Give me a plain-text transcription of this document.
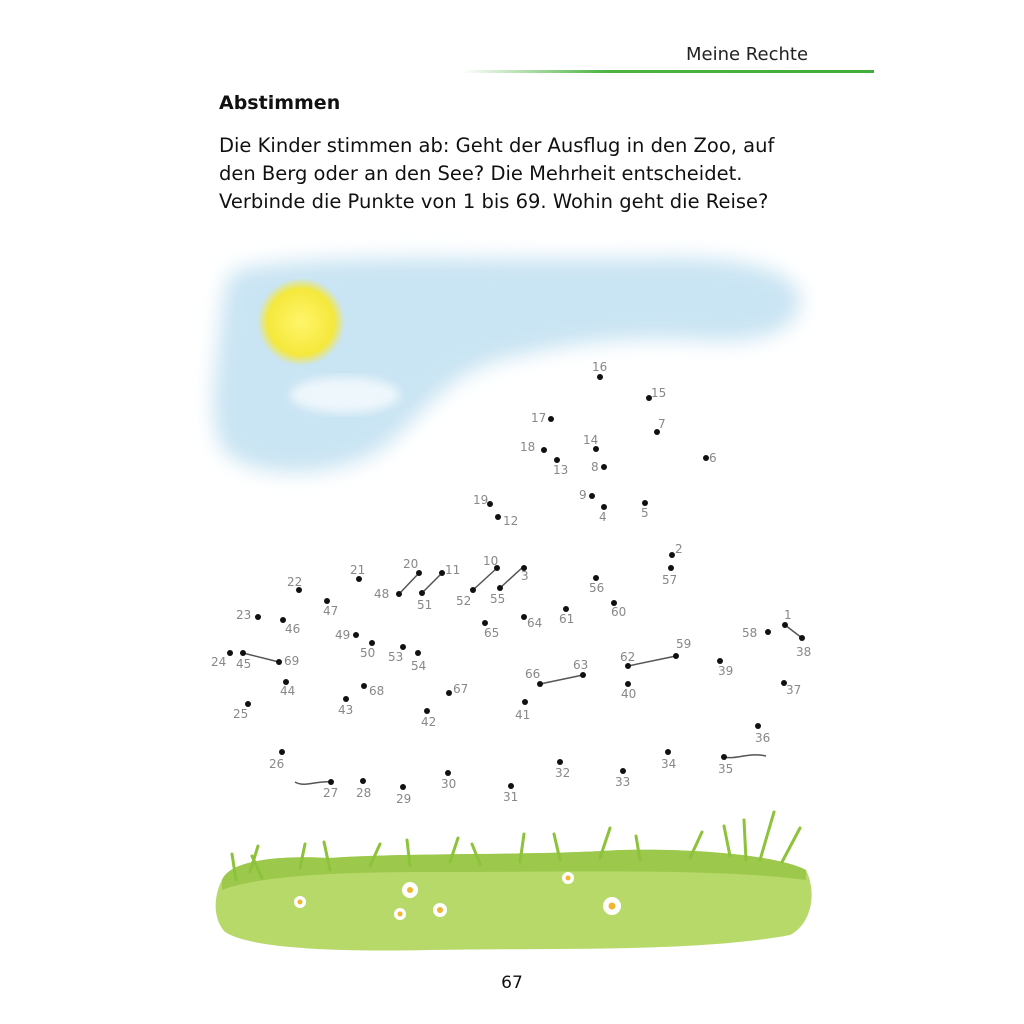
Meine Rechte
Abstimmen
Die Kinder stimmen ab: Geht der Ausflug in den Zoo, auf
den Berg oder an den See? Die Mehrheit entscheidet.
Verbinde die Punkte von 1 bis 69. Wohin geht die Reise?
1
2
3
4	5
6
7
8
9
10
11
12
13
14
15
16
17
18
19
20
21
22
23
24
25
26
27 28 29
30
31
32
33
34	35
36
37
38
39
40
41
42
43
44
45
46
47
48
49
50
51 52
53
54
55
56
57
58
59
60
61
62
63
64
65
66
67
68
69
67
